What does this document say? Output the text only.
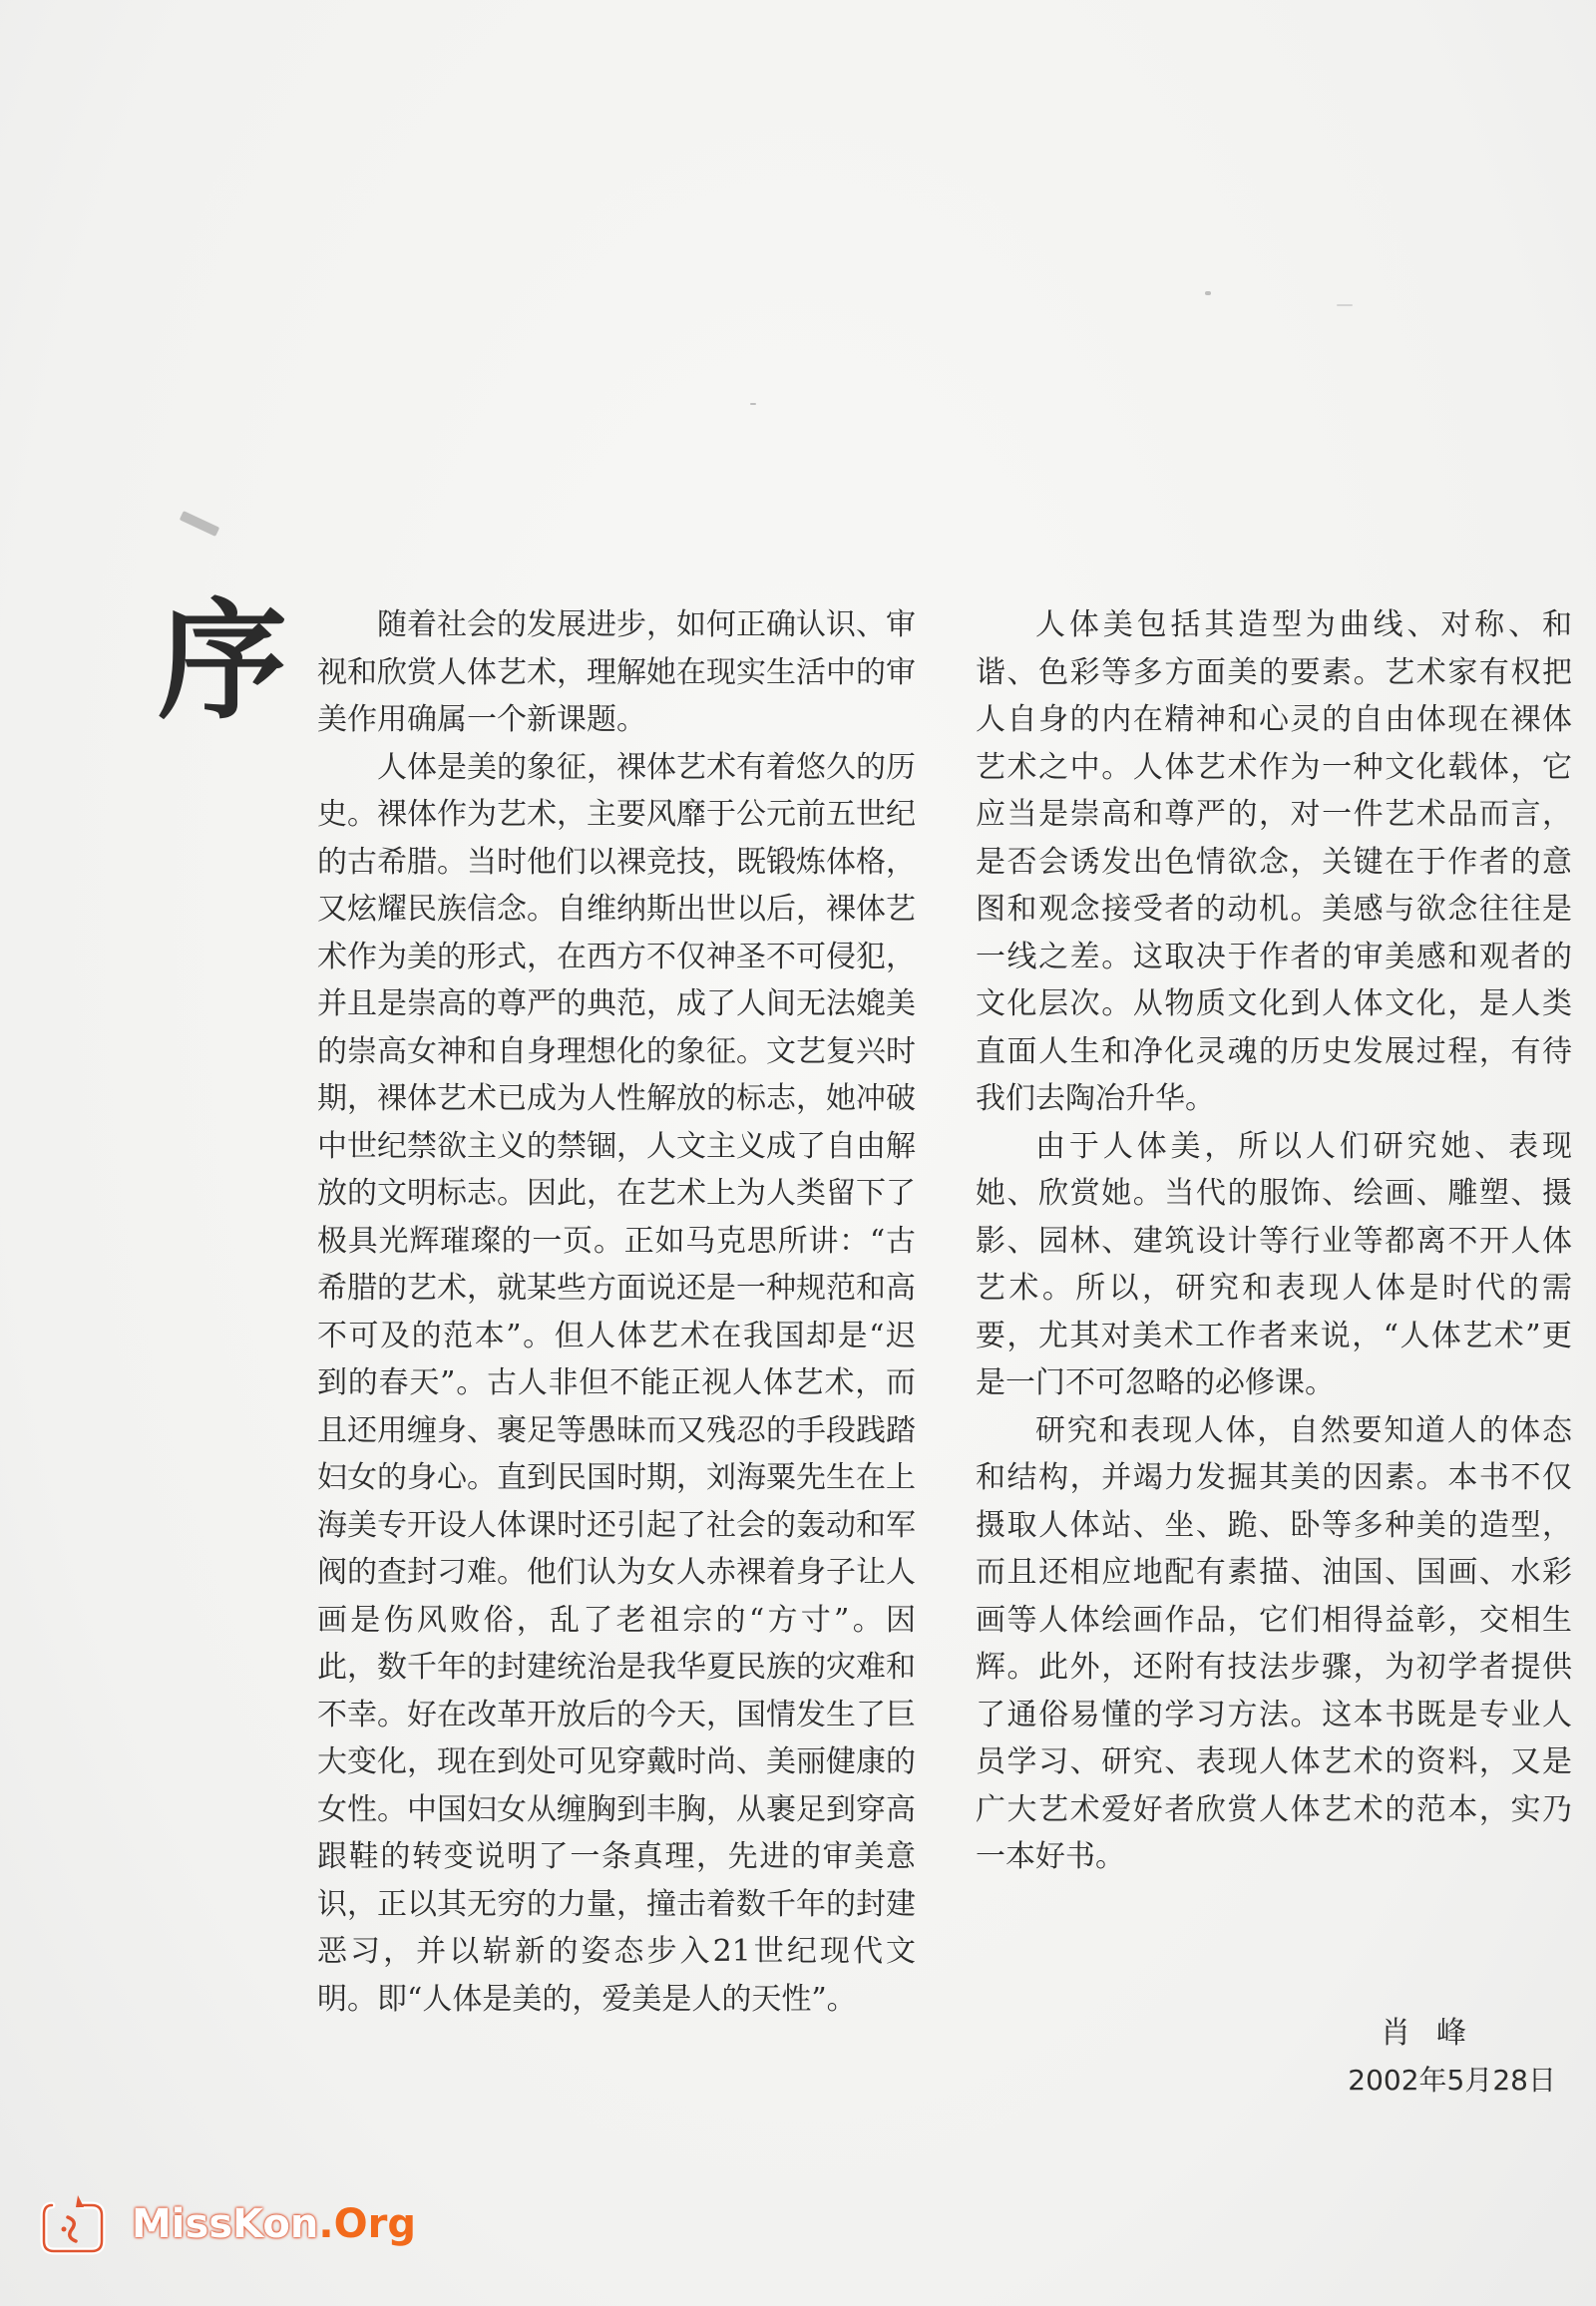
序	随着社会的发展进步，如何正确认识、审视和欣赏人体艺术，理解她在现实生活中的审美作用确属一个新课题。

人体是美的象征，裸体艺术有着悠久的历史。裸体作为艺术，主要风靡于公元前五世纪的古希腊。当时他们以裸竞技，既锻炼体格，又炫耀民族信念。自维纳斯出世以后，裸体艺术作为美的形式，在西方不仅神圣不可侵犯，并且是崇高的尊严的典范，成了人间无法媲美的崇高女神和自身理想化的象征。文艺复兴时期，裸体艺术已成为人性解放的标志，她冲破中世纪禁欲主义的禁锢，人文主义成了自由解放的文明标志。因此，在艺术上为人类留下了极具光辉璀璨的一页。正如马克思所讲：“古希腊的艺术，就某些方面说还是一种规范和高不可及的范本”。但人体艺术在我国却是“迟到的春天”。古人非但不能正视人体艺术，而且还用缠身、裹足等愚昧而又残忍的手段践踏妇女的身心。直到民国时期，刘海粟先生在上海美专开设人体课时还引起了社会的轰动和军阀的查封刁难。他们认为女人赤裸着身子让人画是伤风败俗，乱了老祖宗的“方寸”。因此，数千年的封建统治是我华夏民族的灾难和不幸。好在改革开放后的今天，国情发生了巨大变化，现在到处可见穿戴时尚、美丽健康的女性。中国妇女从缠胸到丰胸，从裹足到穿高跟鞋的转变说明了一条真理，先进的审美意识，正以其无穷的力量，撞击着数千年的封建恶习，并以崭新的姿态步入21世纪现代文明。即“人体是美的，爱美是人的天性”。

人体美包括其造型为曲线、对称、和谐、色彩等多方面美的要素。艺术家有权把人自身的内在精神和心灵的自由体现在裸体艺术之中。人体艺术作为一种文化载体，它应当是崇高和尊严的，对一件艺术品而言，是否会诱发出色情欲念，关键在于作者的意图和观念接受者的动机。美感与欲念往往是一线之差。这取决于作者的审美感和观者的文化层次。从物质文化到人体文化，是人类直面人生和净化灵魂的历史发展过程，有待我们去陶冶升华。

由于人体美，所以人们研究她、表现她、欣赏她。当代的服饰、绘画、雕塑、摄影、园林、建筑设计等行业等都离不开人体艺术。所以，研究和表现人体是时代的需要，尤其对美术工作者来说，“人体艺术”更是一门不可忽略的必修课。

研究和表现人体，自然要知道人的体态和结构，并竭力发掘其美的因素。本书不仅摄取人体站、坐、跪、卧等多种美的造型，而且还相应地配有素描、油国、国画、水彩画等人体绘画作品，它们相得益彰，交相生辉。此外，还附有技法步骤，为初学者提供了通俗易懂的学习方法。这本书既是专业人员学习、研究、表现人体艺术的资料，又是广大艺术爱好者欣赏人体艺术的范本，实乃一本好书。

肖峰
2002年5月28日
MissKon.Org
